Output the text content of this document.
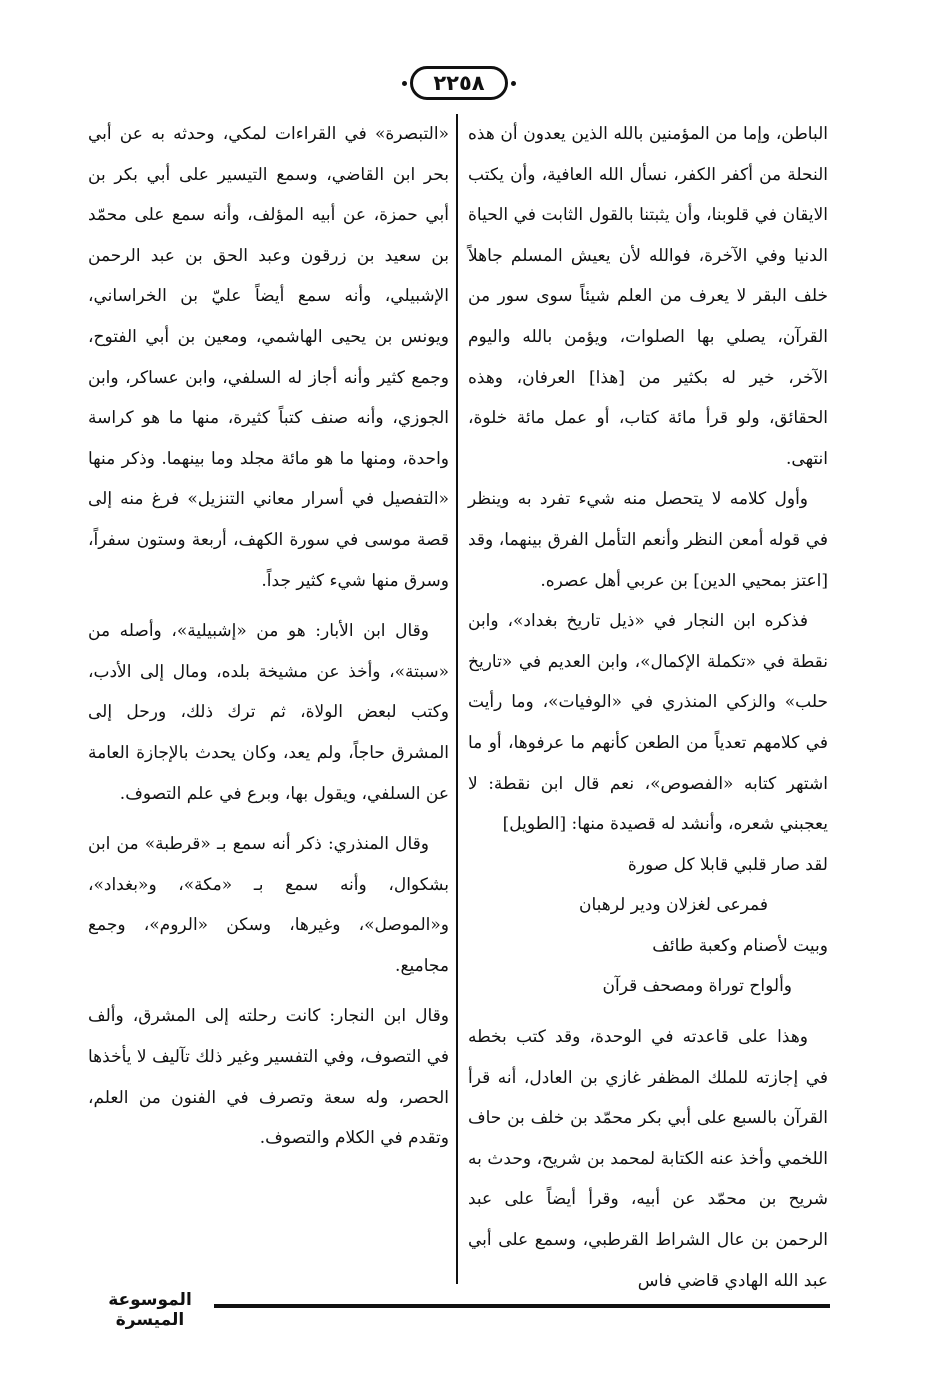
٢٢٥٨

الباطن، وإما من المؤمنين بالله الذين يعدون أن هذه النحلة من أكفر الكفر، نسأل الله العافية، وأن يكتب الايقان في قلوبنا، وأن يثبتنا بالقول الثابت في الحياة الدنيا وفي الآخرة، فوالله لأن يعيش المسلم جاهلاً خلف البقر لا يعرف من العلم شيئاً سوى سور من القرآن، يصلي بها الصلوات، ويؤمن بالله واليوم الآخر، خير له بكثير من [هذا] العرفان، وهذه الحقائق، ولو قرأ مائة كتاب، أو عمل مائة خلوة، انتهى.

وأول كلامه لا يتحصل منه شيء تفرد به وينظر في قوله أمعن النظر وأنعم التأمل الفرق بينهما، وقد [اعتز بمحيي الدين] بن عربي أهل عصره.

فذكره ابن النجار في «ذيل تاريخ بغداد»، وابن نقطة في «تكملة الإكمال»، وابن العديم في «تاريخ حلب» والزكي المنذري في «الوفيات»، وما رأيت في كلامهم تعدياً من الطعن كأنهم ما عرفوها، أو ما اشتهر كتابه «الفصوص»، نعم قال ابن نقطة: لا يعجبني شعره، وأنشد له قصيدة منها: [الطويل]

لقد صار قلبي قابلا كل صورة
فمرعى لغزلان ودير لرهبان
وبيت لأصنام وكعبة طائف
وألواح توراة ومصحف قرآن

وهذا على قاعدته في الوحدة، وقد كتب بخطه في إجازته للملك المظفر غازي بن العادل، أنه قرأ القرآن بالسبع على أبي بكر محمّد بن خلف بن حاف اللخمي وأخذ عنه الكتابة لمحمد بن شريح، وحدث به شريح بن محمّد عن أبيه، وقرأ أيضاً على عبد الرحمن بن عال الشراط القرطبي، وسمع على أبي عبد الله الهادي قاضي فاس

«التبصرة» في القراءات لمكي، وحدثه به عن أبي بحر ابن القاضي، وسمع التيسير على أبي بكر بن أبي حمزة، عن أبيه المؤلف، وأنه سمع على محمّد بن سعيد بن زرقون وعبد الحق بن عبد الرحمن الإشبيلي، وأنه سمع أيضاً عليّ بن الخراساني، ويونس بن يحيى الهاشمي، ومعين بن أبي الفتوح، وجمع كثير وأنه أجاز له السلفي، وابن عساكر، وابن الجوزي، وأنه صنف كتباً كثيرة، منها ما هو كراسة واحدة، ومنها ما هو مائة مجلد وما بينهما. وذكر منها «التفصيل في أسرار معاني التنزيل» فرغ منه إلى قصة موسى في سورة الكهف، أربعة وستون سفراً، وسرق منها شيء كثير جداً.

وقال ابن الأبار: هو من «إشبيلية»، وأصله من «سبتة»، وأخذ عن مشيخة بلده، ومال إلى الأدب، وكتب لبعض الولاة، ثم ترك ذلك، ورحل إلى المشرق حاجاً، ولم يعد، وكان يحدث بالإجازة العامة عن السلفي، ويقول بها، وبرع في علم التصوف.

وقال المنذري: ذكر أنه سمع بـ «قرطبة» من ابن بشكوال، وأنه سمع بـ «مكة»، و«بغداد»، و«الموصل»، وغيرها، وسكن «الروم»، وجمع مجاميع.

وقال ابن النجار: كانت رحلته إلى المشرق، وألف في التصوف، وفي التفسير وغير ذلك تآليف لا يأخذها الحصر، وله سعة وتصرف في الفنون من العلم، وتقدم في الكلام والتصوف.

الموسوعة الميسرة
